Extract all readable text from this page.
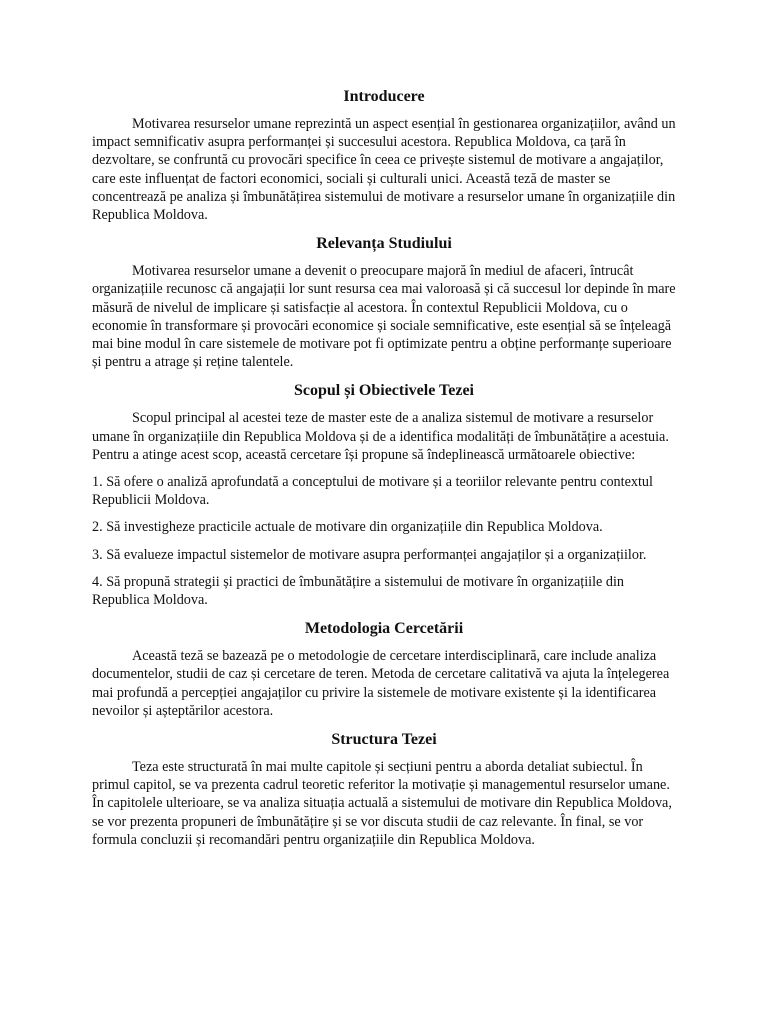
Introducere

Motivarea resurselor umane reprezintă un aspect esențial în gestionarea organizațiilor, având un impact semnificativ asupra performanței și succesului acestora. Republica Moldova, ca țară în dezvoltare, se confruntă cu provocări specifice în ceea ce privește sistemul de motivare a angajaților, care este influențat de factori economici, sociali și culturali unici. Această teză de master se concentrează pe analiza și îmbunătățirea sistemului de motivare a resurselor umane în organizațiile din Republica Moldova.

Relevanța Studiului

Motivarea resurselor umane a devenit o preocupare majoră în mediul de afaceri, întrucât organizațiile recunosc că angajații lor sunt resursa cea mai valoroasă și că succesul lor depinde în mare măsură de nivelul de implicare și satisfacție al acestora. În contextul Republicii Moldova, cu o economie în transformare și provocări economice și sociale semnificative, este esențial să se înțeleagă mai bine modul în care sistemele de motivare pot fi optimizate pentru a obține performanțe superioare și pentru a atrage și reține talentele.

Scopul și Obiectivele Tezei

Scopul principal al acestei teze de master este de a analiza sistemul de motivare a resurselor umane în organizațiile din Republica Moldova și de a identifica modalități de îmbunătățire a acestuia. Pentru a atinge acest scop, această cercetare își propune să îndeplinească următoarele obiective:

1. Să ofere o analiză aprofundată a conceptului de motivare și a teoriilor relevante pentru contextul Republicii Moldova.

2. Să investigheze practicile actuale de motivare din organizațiile din Republica Moldova.

3. Să evalueze impactul sistemelor de motivare asupra performanței angajaților și a organizațiilor.

4. Să propună strategii și practici de îmbunătățire a sistemului de motivare în organizațiile din Republica Moldova.

Metodologia Cercetării

Această teză se bazează pe o metodologie de cercetare interdisciplinară, care include analiza documentelor, studii de caz și cercetare de teren. Metoda de cercetare calitativă va ajuta la înțelegerea mai profundă a percepției angajaților cu privire la sistemele de motivare existente și la identificarea nevoilor și așteptărilor acestora.

Structura Tezei

Teza este structurată în mai multe capitole și secțiuni pentru a aborda detaliat subiectul. În primul capitol, se va prezenta cadrul teoretic referitor la motivație și managementul resurselor umane. În capitolele ulterioare, se va analiza situația actuală a sistemului de motivare din Republica Moldova, se vor prezenta propuneri de îmbunătățire și se vor discuta studii de caz relevante. În final, se vor formula concluzii și recomandări pentru organizațiile din Republica Moldova.
